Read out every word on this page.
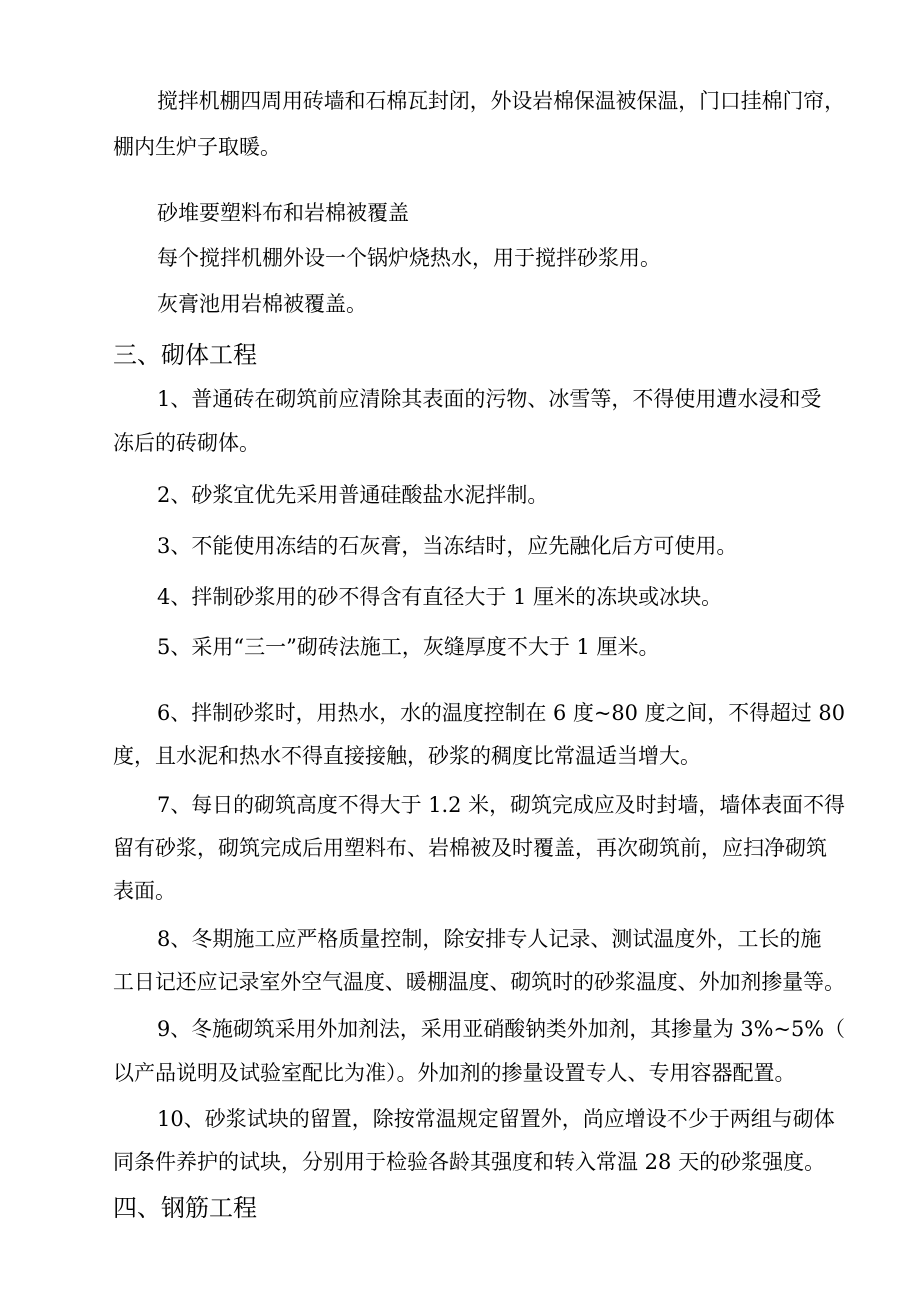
搅拌机棚四周用砖墙和石棉瓦封闭，外设岩棉保温被保温，门口挂棉门帘，
棚内生炉子取暖。
砂堆要塑料布和岩棉被覆盖
每个搅拌机棚外设一个锅炉烧热水，用于搅拌砂浆用。
灰膏池用岩棉被覆盖。
三、砌体工程
1、普通砖在砌筑前应清除其表面的污物、冰雪等，不得使用遭水浸和受
冻后的砖砌体。
2、砂浆宜优先采用普通硅酸盐水泥拌制。
3、不能使用冻结的石灰膏，当冻结时，应先融化后方可使用。
4、拌制砂浆用的砂不得含有直径大于 1 厘米的冻块或冰块。
5、采用“三一”砌砖法施工，灰缝厚度不大于 1 厘米。
6、拌制砂浆时，用热水，水的温度控制在 6 度~80 度之间，不得超过 80
度，且水泥和热水不得直接接触，砂浆的稠度比常温适当增大。
7、每日的砌筑高度不得大于 1.2 米，砌筑完成应及时封墙，墙体表面不得
留有砂浆，砌筑完成后用塑料布、岩棉被及时覆盖，再次砌筑前，应扫净砌筑
表面。
8、冬期施工应严格质量控制，除安排专人记录、测试温度外，工长的施
工日记还应记录室外空气温度、暖棚温度、砌筑时的砂浆温度、外加剂掺量等。
9、冬施砌筑采用外加剂法，采用亚硝酸钠类外加剂，其掺量为 3%~5%（
以产品说明及试验室配比为准）。外加剂的掺量设置专人、专用容器配置。
10、砂浆试块的留置，除按常温规定留置外，尚应增设不少于两组与砌体
同条件养护的试块，分别用于检验各龄其强度和转入常温 28 天的砂浆强度。
四、钢筋工程
